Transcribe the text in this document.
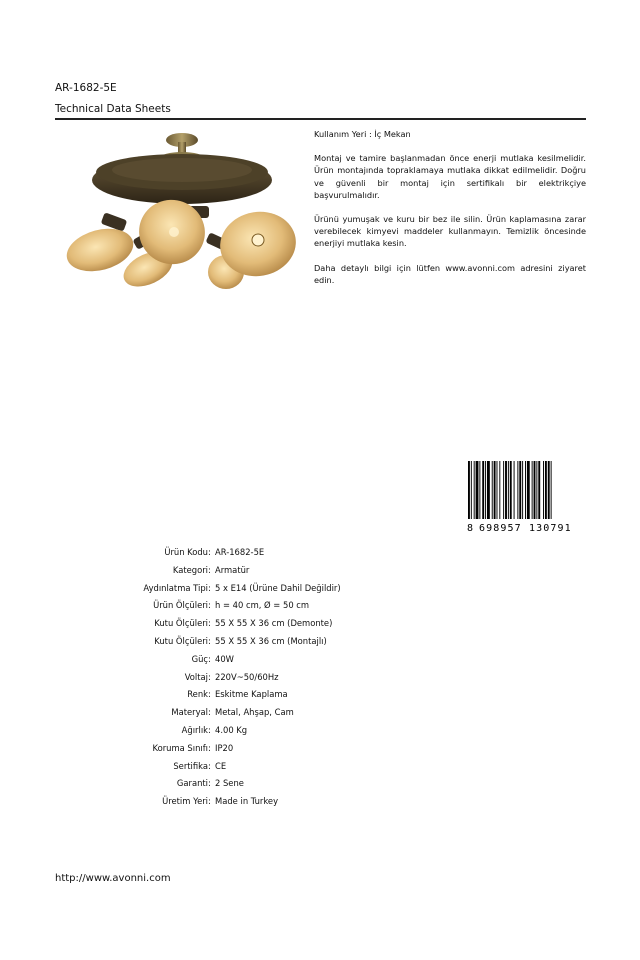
AR-1682-5E
Technical Data Sheets

Kullanım Yeri : İç Mekan

Montaj ve tamire başlanmadan önce enerji mutlaka kesilmelidir. Ürün montajında topraklamaya mutlaka dikkat edilmelidir. Doğru ve güvenli bir montaj için sertifikalı bir elektrikçiye başvurulmalıdır.

Ürünü yumuşak ve kuru bir bez ile silin. Ürün kaplamasına zarar verebilecek kimyevi maddeler kullanmayın. Temizlik öncesinde enerjiyi mutlaka kesin.

Daha detaylı bilgi için lütfen www.avonni.com adresini ziyaret edin.

8 698957 130791
Ürün Kodu : AR-1682-5E
Kategori : Armatür
Aydınlatma Tipi : 5 x E14 (Ürüne Dahil Değildir)
Ürün Ölçüleri : h = 40 cm, Ø = 50 cm
Kutu Ölçüleri : 55 X 55 X 36 cm (Demonte)
Kutu Ölçüleri : 55 X 55 X 36 cm (Montajlı)
Güç : 40W
Voltaj : 220V~50/60Hz
Renk : Eskitme Kaplama
Materyal : Metal, Ahşap, Cam
Ağırlık : 4.00 Kg
Koruma Sınıfı : IP20
Sertifika : CE
Garanti : 2 Sene
Üretim Yeri : Made in Turkey
http://www.avonni.com
